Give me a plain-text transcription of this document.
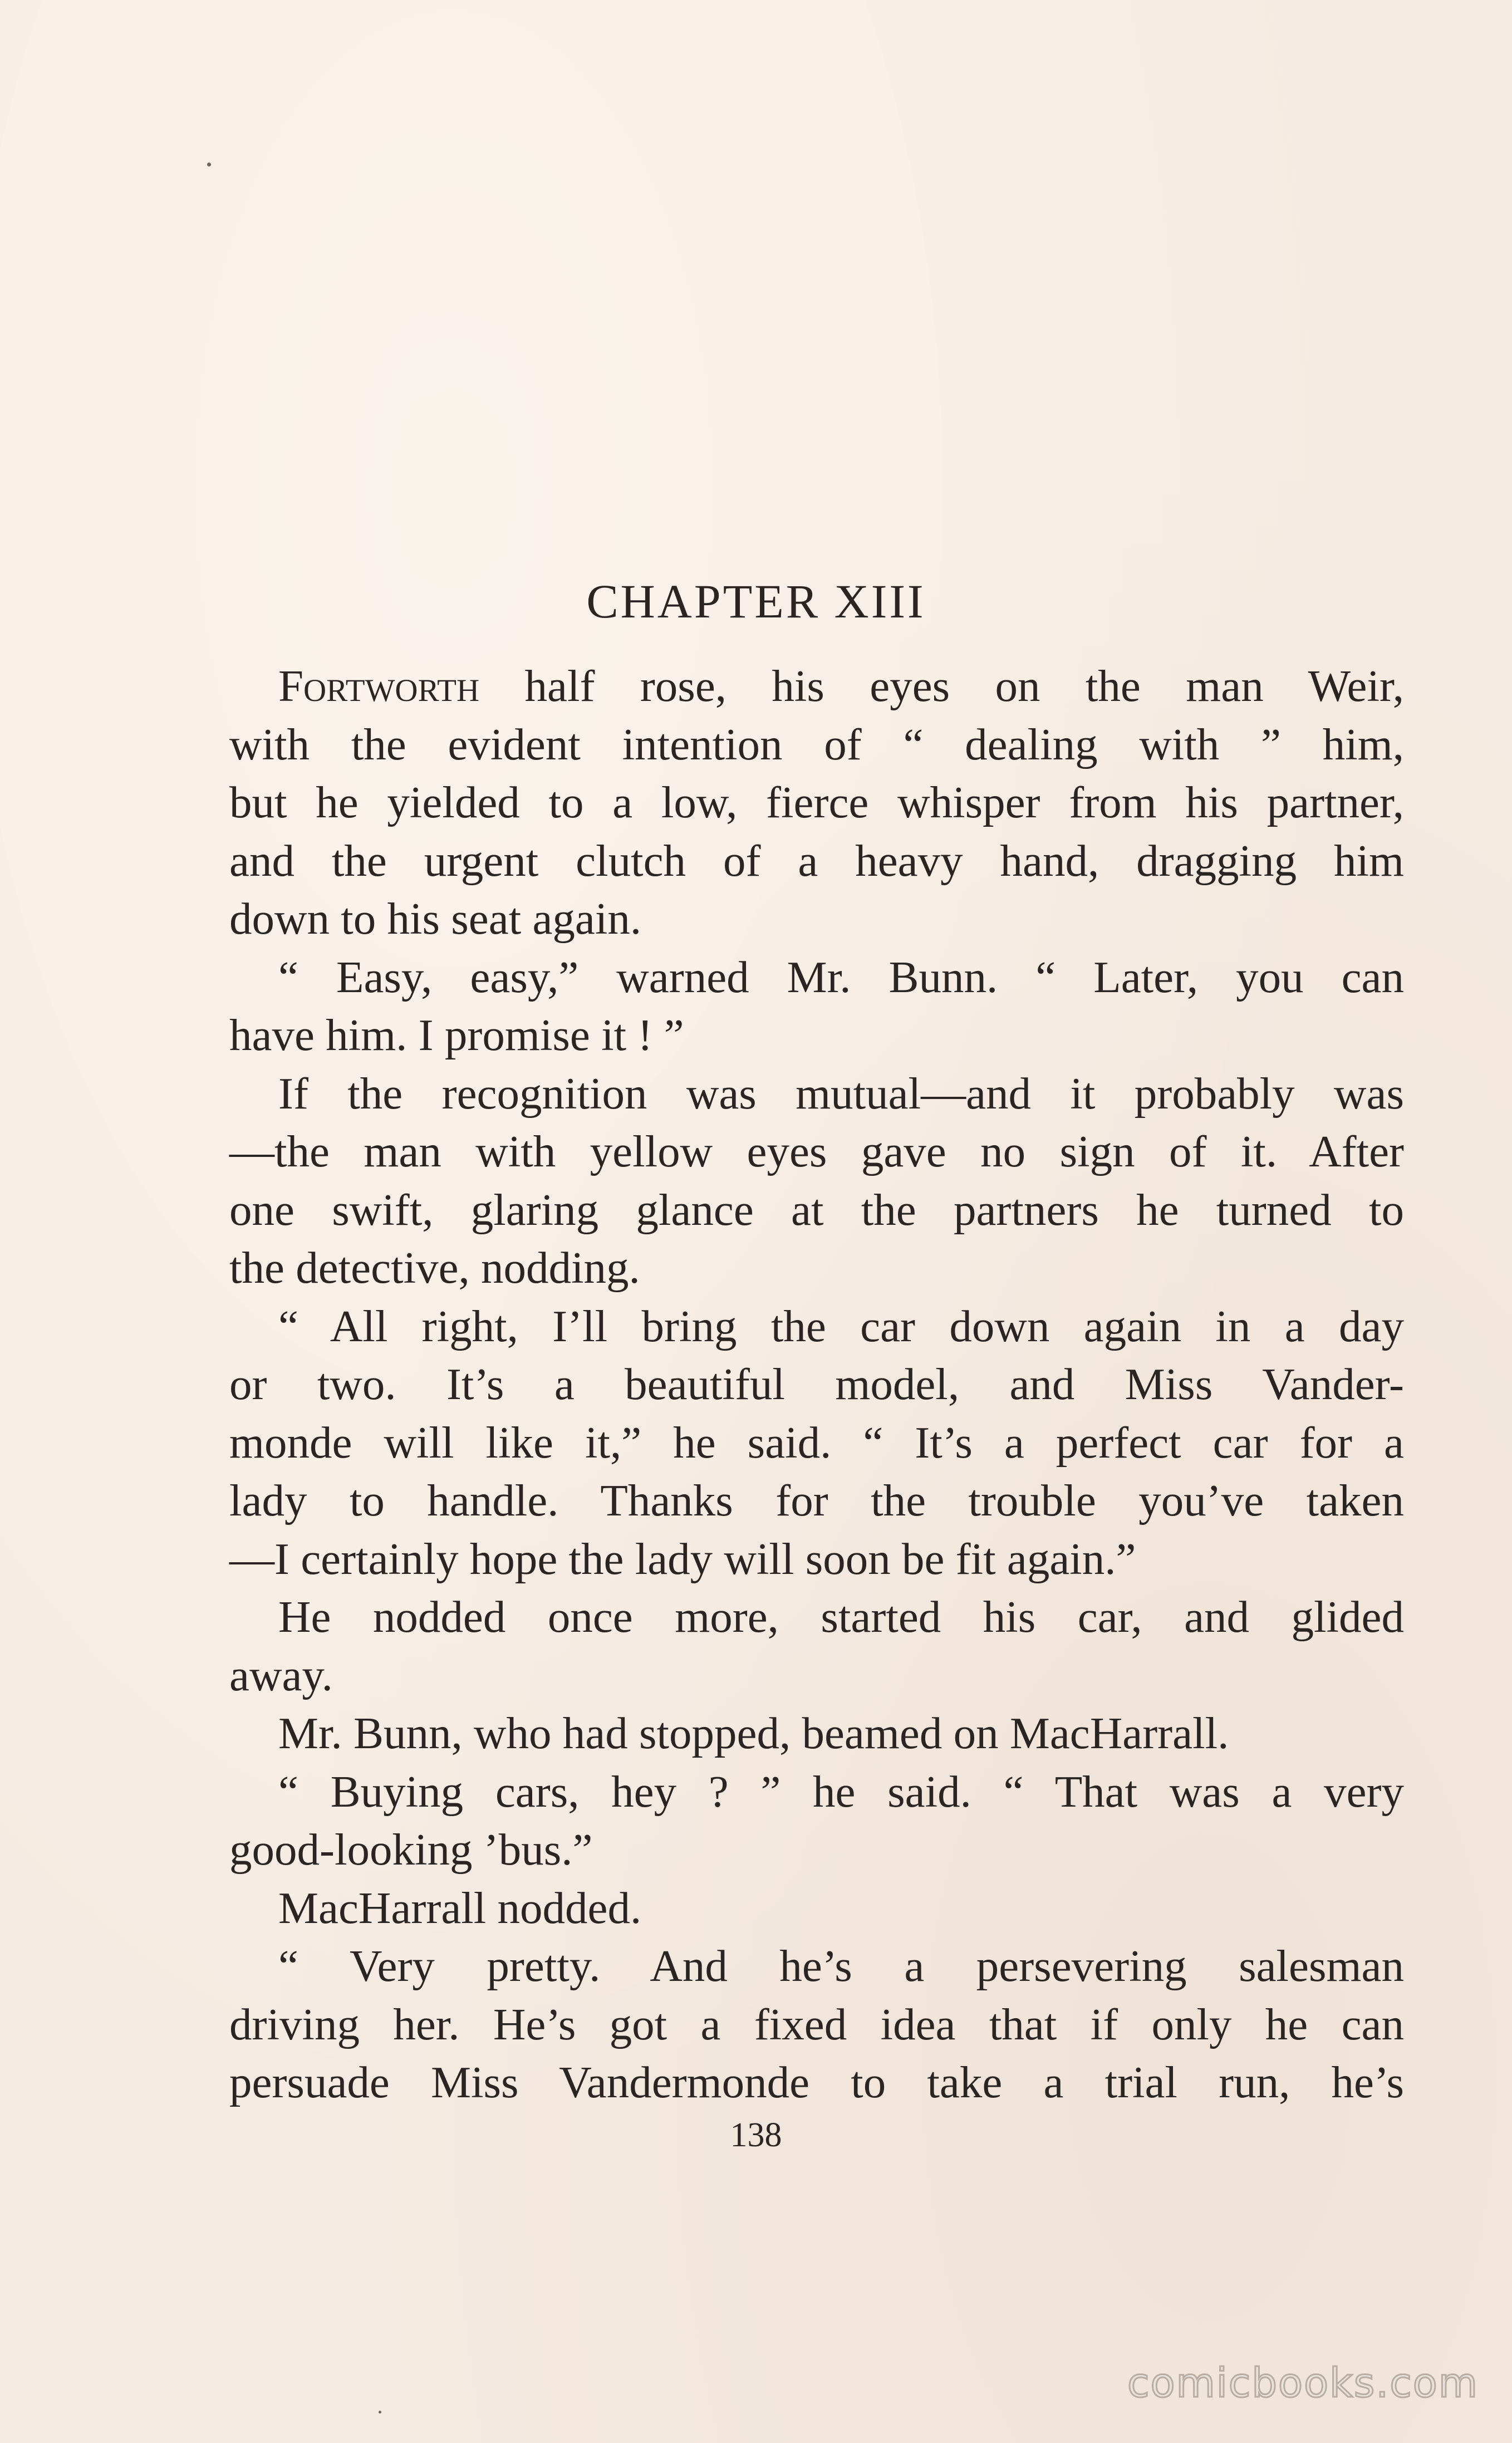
CHAPTER XIII
Fortworth half rose, his eyes on the man Weir,
with the evident intention of “ dealing with ” him,
but he yielded to a low, fierce whisper from his partner,
and the urgent clutch of a heavy hand, dragging him
down to his seat again.
“ Easy, easy,” warned Mr. Bunn. “ Later, you can
have him. I promise it ! ”
If the recognition was mutual—and it probably was
—the man with yellow eyes gave no sign of it. After
one swift, glaring glance at the partners he turned to
the detective, nodding.
“ All right, I’ll bring the car down again in a day
or two. It’s a beautiful model, and Miss Vander-
monde will like it,” he said. “ It’s a perfect car for a
lady to handle. Thanks for the trouble you’ve taken
—I certainly hope the lady will soon be fit again.”
He nodded once more, started his car, and glided
away.
Mr. Bunn, who had stopped, beamed on MacHarrall.
“ Buying cars, hey ? ” he said. “ That was a very
good-looking ’bus.”
MacHarrall nodded.
“ Very pretty. And he’s a persevering salesman
driving her. He’s got a fixed idea that if only he can
persuade Miss Vandermonde to take a trial run, he’s
138
comicbooks.com
